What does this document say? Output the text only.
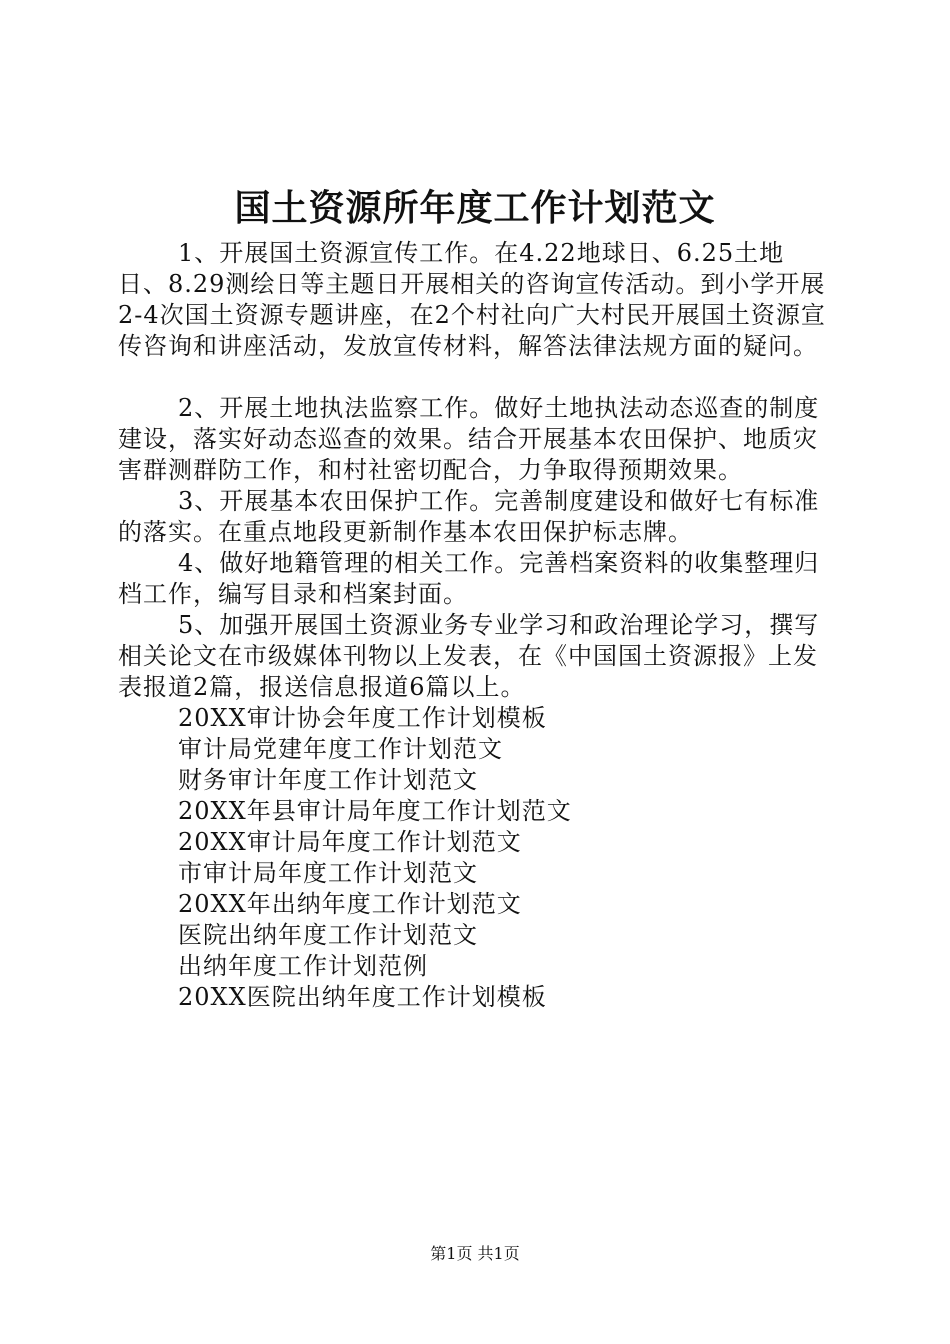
国土资源所年度工作计划范文

1、开展国土资源宣传工作。在4.22地球日、6.25土地日、8.29测绘日等主题日开展相关的咨询宣传活动。到小学开展2-4次国土资源专题讲座，在2个村社向广大村民开展国土资源宣传咨询和讲座活动，发放宣传材料，解答法律法规方面的疑问。

2、开展土地执法监察工作。做好土地执法动态巡查的制度建设，落实好动态巡查的效果。结合开展基本农田保护、地质灾害群测群防工作，和村社密切配合，力争取得预期效果。

3、开展基本农田保护工作。完善制度建设和做好七有标准的落实。在重点地段更新制作基本农田保护标志牌。

4、做好地籍管理的相关工作。完善档案资料的收集整理归档工作，编写目录和档案封面。

5、加强开展国土资源业务专业学习和政治理论学习，撰写相关论文在市级媒体刊物以上发表，在《中国国土资源报》上发表报道2篇，报送信息报道6篇以上。

20XX审计协会年度工作计划模板
审计局党建年度工作计划范文
财务审计年度工作计划范文
20XX年县审计局年度工作计划范文
20XX审计局年度工作计划范文
市审计局年度工作计划范文
20XX年出纳年度工作计划范文
医院出纳年度工作计划范文
出纳年度工作计划范例
20XX医院出纳年度工作计划模板
第1页 共1页
